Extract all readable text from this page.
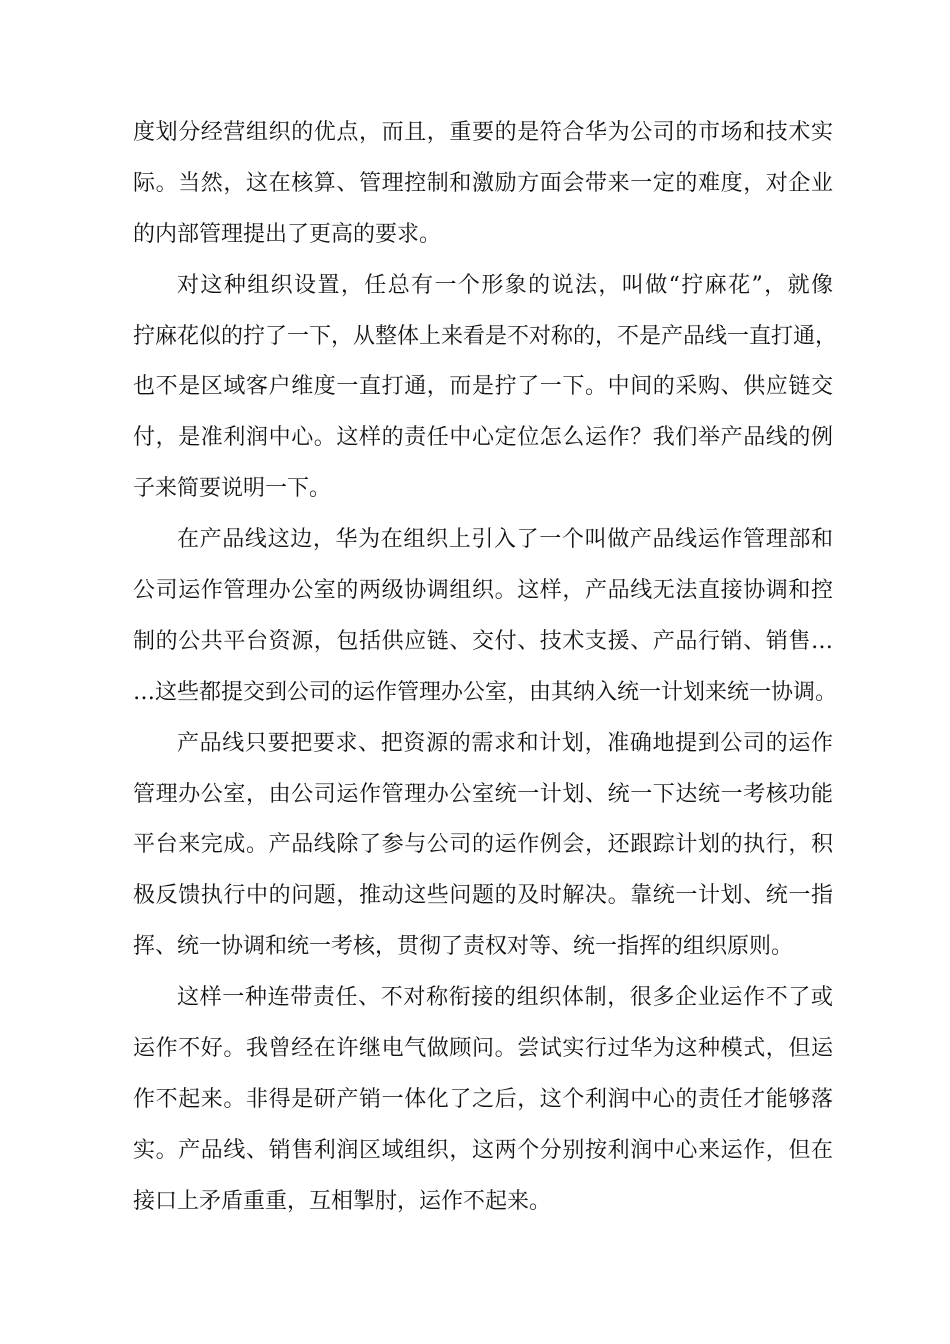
度划分经营组织的优点，而且，重要的是符合华为公司的市场和技术实
际。当然，这在核算、管理控制和激励方面会带来一定的难度，对企业
的内部管理提出了更高的要求。
对这种组织设置，任总有一个形象的说法，叫做“拧麻花”，就像
拧麻花似的拧了一下，从整体上来看是不对称的，不是产品线一直打通，
也不是区域客户维度一直打通，而是拧了一下。中间的采购、供应链交
付，是准利润中心。这样的责任中心定位怎么运作？我们举产品线的例
子来简要说明一下。
在产品线这边，华为在组织上引入了一个叫做产品线运作管理部和
公司运作管理办公室的两级协调组织。这样，产品线无法直接协调和控
制的公共平台资源，包括供应链、交付、技术支援、产品行销、销售…
…这些都提交到公司的运作管理办公室，由其纳入统一计划来统一协调。
产品线只要把要求、把资源的需求和计划，准确地提到公司的运作
管理办公室，由公司运作管理办公室统一计划、统一下达统一考核功能
平台来完成。产品线除了参与公司的运作例会，还跟踪计划的执行，积
极反馈执行中的问题，推动这些问题的及时解决。靠统一计划、统一指
挥、统一协调和统一考核，贯彻了责权对等、统一指挥的组织原则。
这样一种连带责任、不对称衔接的组织体制，很多企业运作不了或
运作不好。我曾经在许继电气做顾问。尝试实行过华为这种模式，但运
作不起来。非得是研产销一体化了之后，这个利润中心的责任才能够落
实。产品线、销售利润区域组织，这两个分别按利润中心来运作，但在
接口上矛盾重重，互相掣肘，运作不起来。
